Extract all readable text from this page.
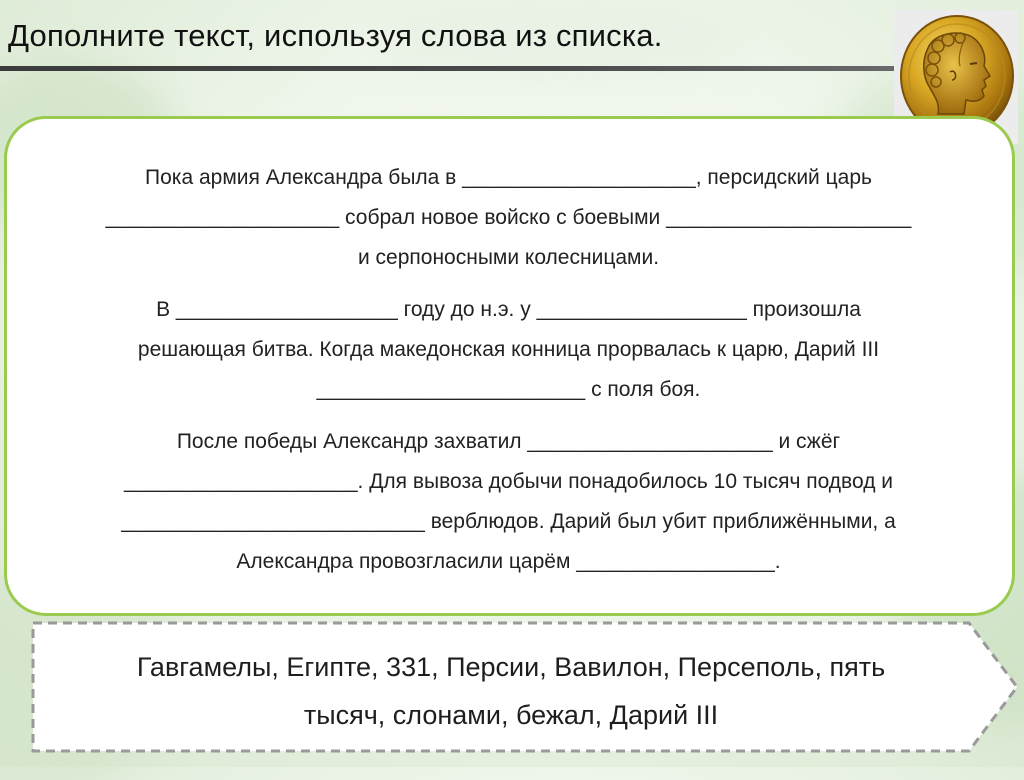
Дополните текст, используя слова из списка.
Пока армия Александра была в ____________________, персидский царь
____________________ собрал новое войско с боевыми _____________________
и серпоносными колесницами.
В ___________________ году до н.э. у __________________ произошла
решающая битва. Когда македонская конница прорвалась к царю, Дарий III
_______________________ с поля боя.
После победы Александр захватил _____________________ и сжёг
____________________. Для вывоза добычи понадобилось 10 тысяч подвод и
__________________________ верблюдов. Дарий был убит приближёнными, а
Александра провозгласили царём _________________.
Гавгамелы, Египте, 331, Персии, Вавилон, Персеполь, пять
тысяч, слонами, бежал, Дарий III
